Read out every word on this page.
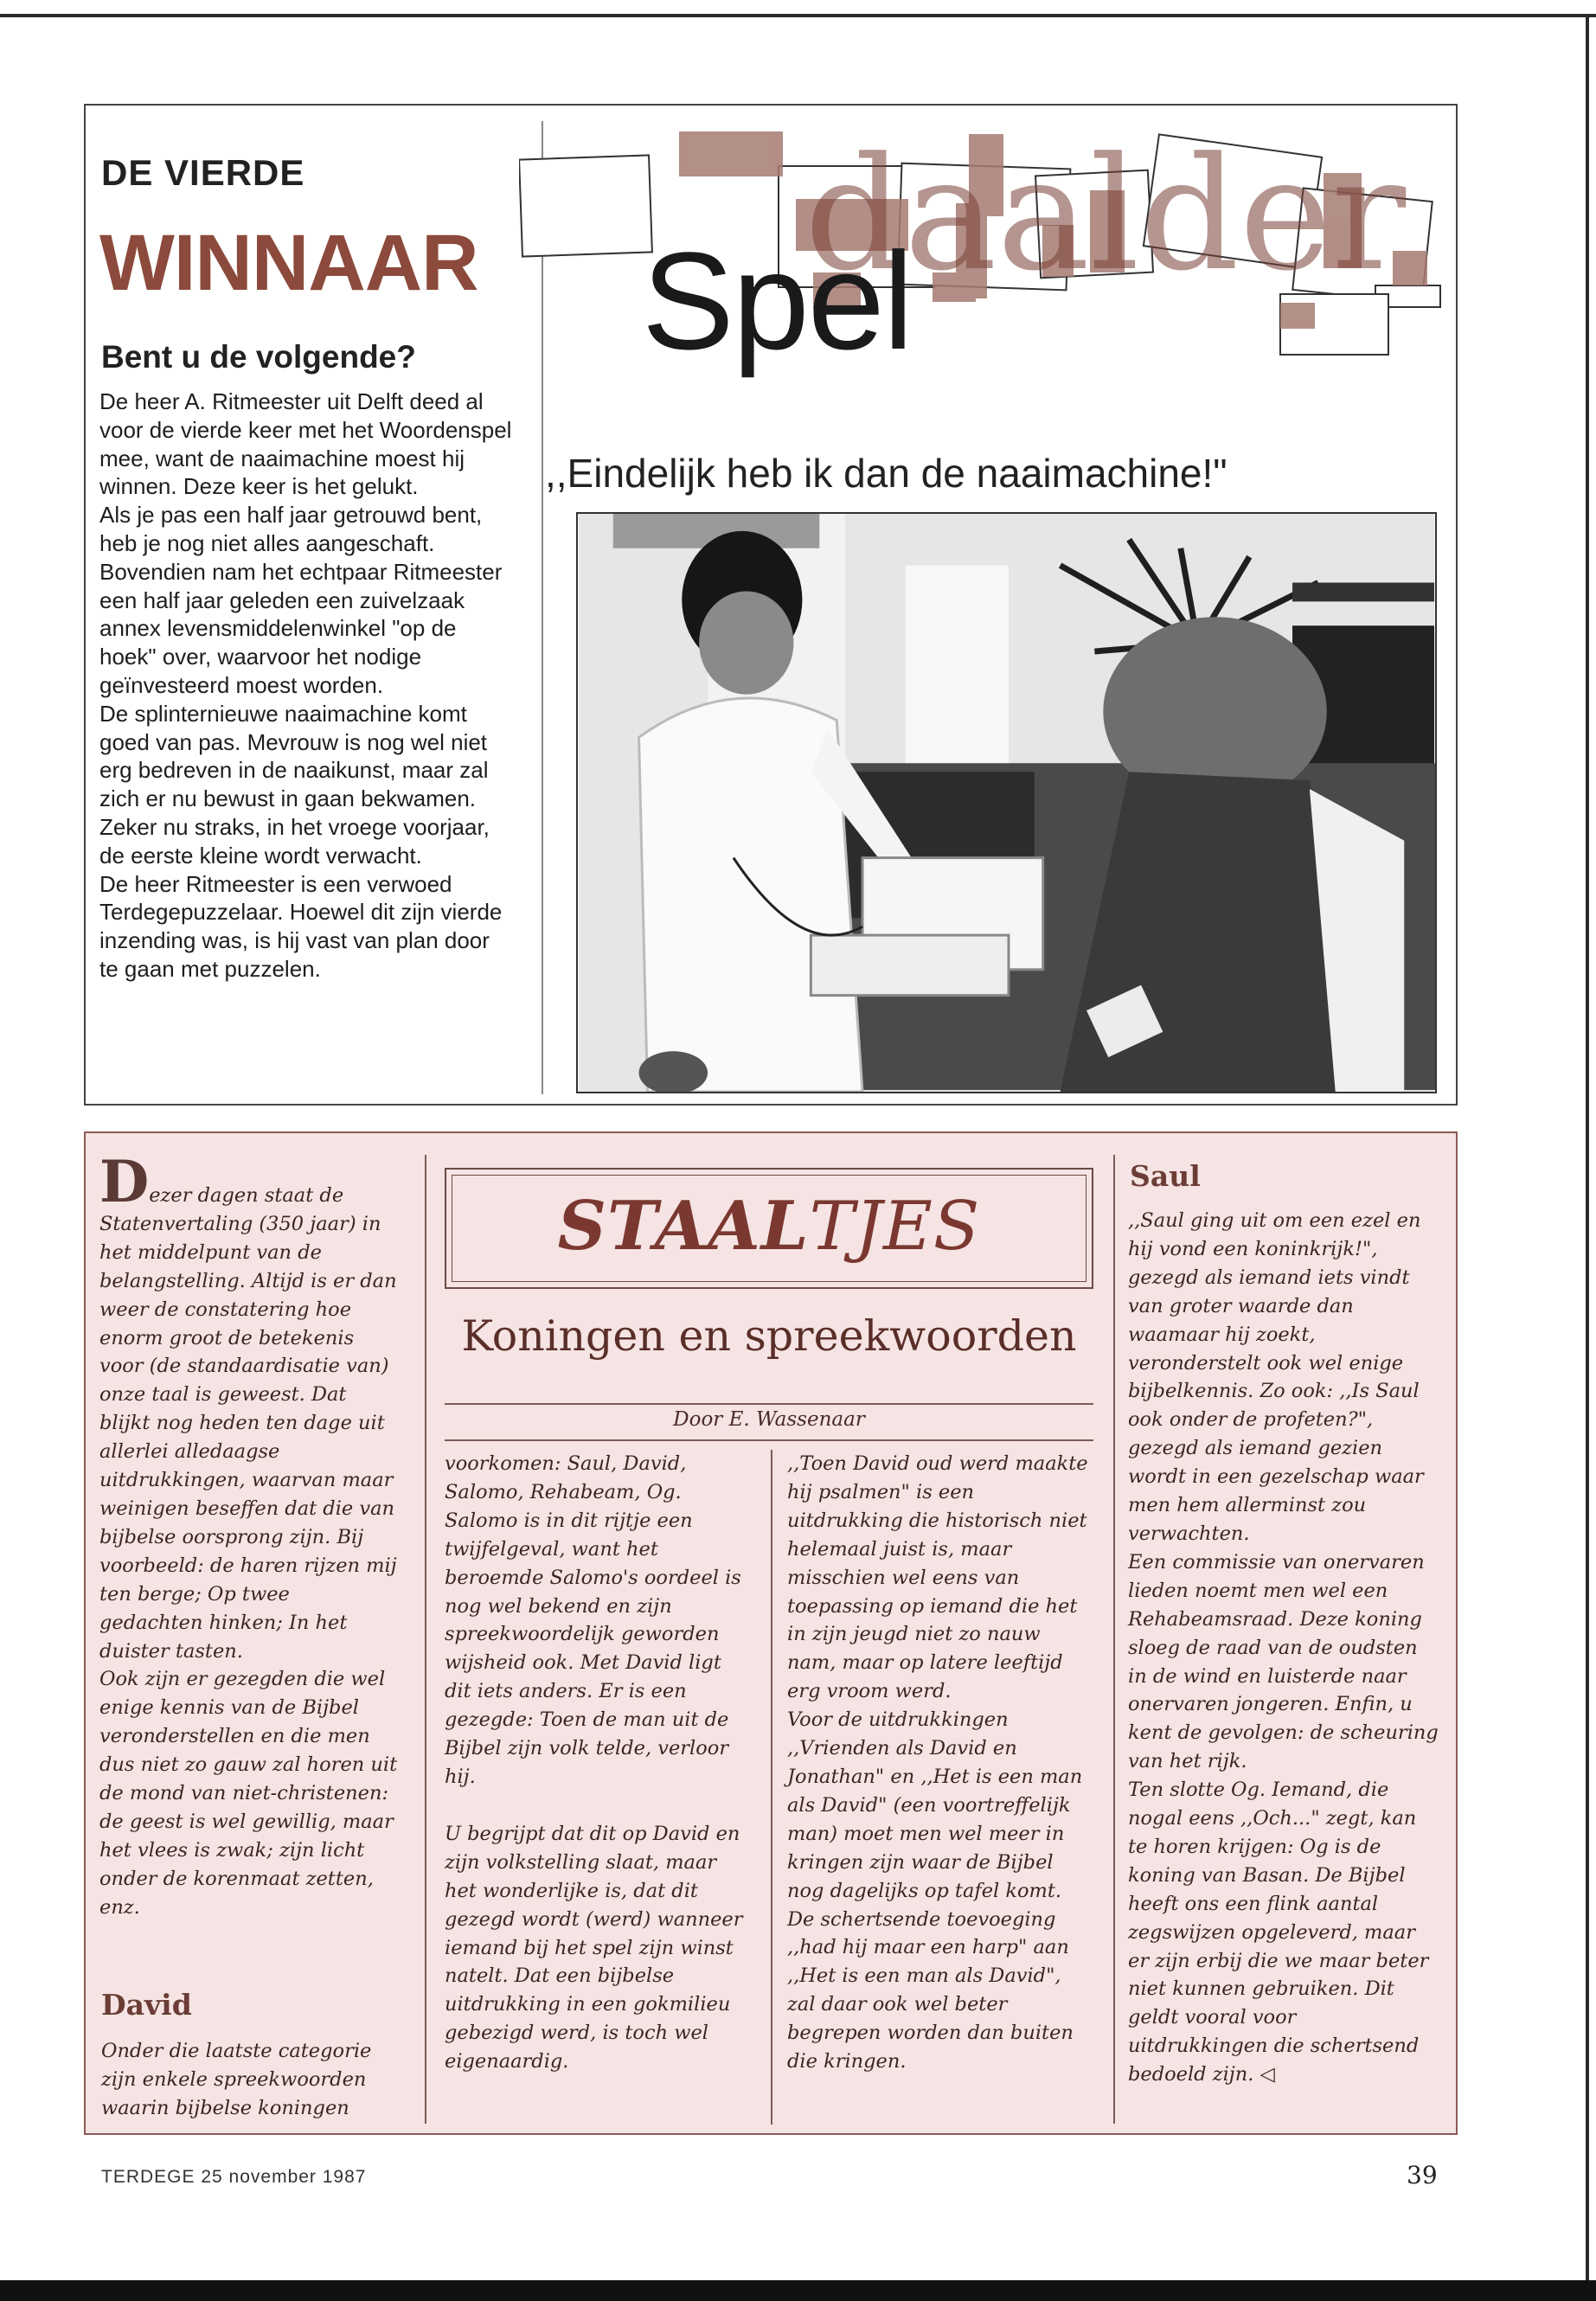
DE VIERDE
WINNAAR
Bent u de volgende?

De heer A. Ritmeester uit Delft deed al voor de vierde keer met het Woordenspel mee, want de naaimachine moest hij winnen. Deze keer is het gelukt.

Als je pas een half jaar getrouwd bent, heb je nog niet alles aangeschaft. Bovendien nam het echtpaar Ritmeester een half jaar geleden een zuivelzaak annex levensmiddelenwinkel "op de hoek" over, waarvoor het nodige geïnvesteerd moest worden.

De splinternieuwe naaimachine komt goed van pas. Mevrouw is nog wel niet erg bedreven in de naaikunst, maar zal zich er nu bewust in gaan bekwamen. Zeker nu straks, in het vroege voorjaar, de eerste kleine wordt verwacht.

De heer Ritmeester is een verwoed Terdegepuzzelaar. Hoewel dit zijn vierde inzending was, is hij vast van plan door te gaan met puzzelen.

daalder
Spel
,,Eindelijk heb ik dan de naaimachine!"

Dezer dagen staat de Statenvertaling (350 jaar) in het middelpunt van de belangstelling. Altijd is er dan weer de constatering hoe enorm groot de betekenis voor (de standaardisatie van) onze taal is geweest. Dat blijkt nog heden ten dage uit allerlei alledaagse uitdrukkingen, waarvan maar weinigen beseffen dat die van bijbelse oorsprong zijn. Bij voorbeeld: de haren rijzen mij ten berge; Op twee gedachten hinken; In het duister tasten.

Ook zijn er gezegden die wel enige kennis van de Bijbel veronderstellen en die men dus niet zo gauw zal horen uit de mond van niet-christenen: de geest is wel gewillig, maar het vlees is zwak; zijn licht onder de korenmaat zetten, enz.

David

Onder die laatste categorie zijn enkele spreekwoorden waarin bijbelse koningen

STAALTJES
Koningen en spreekwoorden
Door E. Wassenaar

voorkomen: Saul, David, Salomo, Rehabeam, Og. Salomo is in dit rijtje een twijfelgeval, want het beroemde Salomo's oordeel is nog wel bekend en zijn spreekwoordelijk geworden wijsheid ook. Met David ligt dit iets anders. Er is een gezegde: Toen de man uit de Bijbel zijn volk telde, verloor hij.

U begrijpt dat dit op David en zijn volkstelling slaat, maar het wonderlijke is, dat dit gezegd wordt (werd) wanneer iemand bij het spel zijn winst natelt. Dat een bijbelse uitdrukking in een gokmilieu gebezigd werd, is toch wel eigenaardig.

,,Toen David oud werd maakte hij psalmen" is een uitdrukking die historisch niet helemaal juist is, maar misschien wel eens van toepassing op iemand die het in zijn jeugd niet zo nauw nam, maar op latere leeftijd erg vroom werd.

Voor de uitdrukkingen ,,Vrienden als David en Jonathan" en ,,Het is een man als David" (een voortreffelijk man) moet men wel meer in kringen zijn waar de Bijbel nog dagelijks op tafel komt. De schertsende toevoeging ,,had hij maar een harp" aan ,,Het is een man als David", zal daar ook wel beter begrepen worden dan buiten die kringen.

Saul

,,Saul ging uit om een ezel en hij vond een koninkrijk!", gezegd als iemand iets vindt van groter waarde dan waamaar hij zoekt, veronderstelt ook wel enige bijbelkennis. Zo ook: ,,Is Saul ook onder de profeten?", gezegd als iemand gezien wordt in een gezelschap waar men hem allerminst zou verwachten.

Een commissie van onervaren lieden noemt men wel een Rehabeamsraad. Deze koning sloeg de raad van de oudsten in de wind en luisterde naar onervaren jongeren. Enfin, u kent de gevolgen: de scheuring van het rijk.

Ten slotte Og. Iemand, die nogal eens ,,Och..." zegt, kan te horen krijgen: Og is de koning van Basan. De Bijbel heeft ons een flink aantal zegswijzen opgeleverd, maar er zijn erbij die we maar beter niet kunnen gebruiken. Dit geldt vooral voor uitdrukkingen die schertsend bedoeld zijn. ◁

TERDEGE 25 november 1987	39
